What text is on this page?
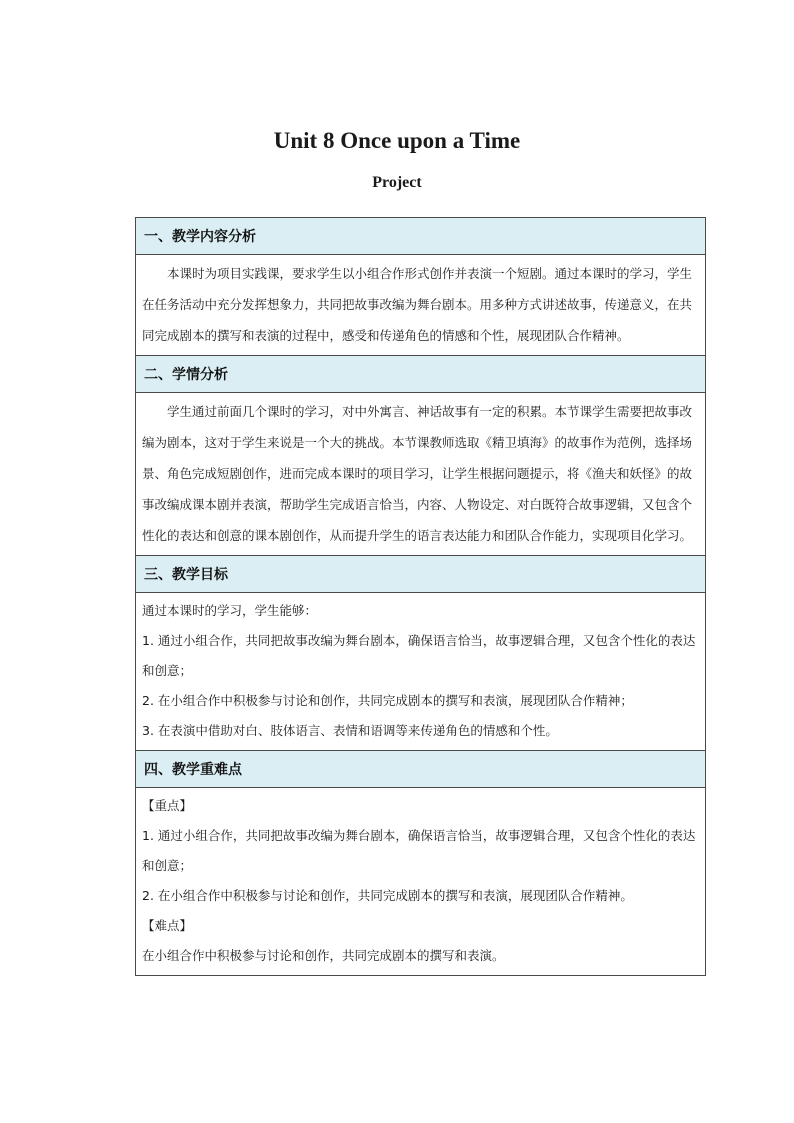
Unit 8 Once upon a Time
Project
一、教学内容分析

本课时为项目实践课，要求学生以小组合作形式创作并表演一个短剧。通过本课时的学习，学生在任务活动中充分发挥想象力，共同把故事改编为舞台剧本。用多种方式讲述故事，传递意义，在共同完成剧本的撰写和表演的过程中，感受和传递角色的情感和个性，展现团队合作精神。

二、学情分析

学生通过前面几个课时的学习，对中外寓言、神话故事有一定的积累。本节课学生需要把故事改编为剧本，这对于学生来说是一个大的挑战。本节课教师选取《精卫填海》的故事作为范例，选择场景、角色完成短剧创作，进而完成本课时的项目学习，让学生根据问题提示，将《渔夫和妖怪》的故事改编成课本剧并表演，帮助学生完成语言恰当，内容、人物设定、对白既符合故事逻辑，又包含个性化的表达和创意的课本剧创作，从而提升学生的语言表达能力和团队合作能力，实现项目化学习。

三、教学目标

通过本课时的学习，学生能够：

1. 通过小组合作，共同把故事改编为舞台剧本，确保语言恰当，故事逻辑合理，又包含个性化的表达和创意；

2. 在小组合作中积极参与讨论和创作，共同完成剧本的撰写和表演，展现团队合作精神；

3. 在表演中借助对白、肢体语言、表情和语调等来传递角色的情感和个性。

四、教学重难点

【重点】

1. 通过小组合作，共同把故事改编为舞台剧本，确保语言恰当，故事逻辑合理，又包含个性化的表达和创意；

2. 在小组合作中积极参与讨论和创作，共同完成剧本的撰写和表演，展现团队合作精神。

【难点】

在小组合作中积极参与讨论和创作，共同完成剧本的撰写和表演。
